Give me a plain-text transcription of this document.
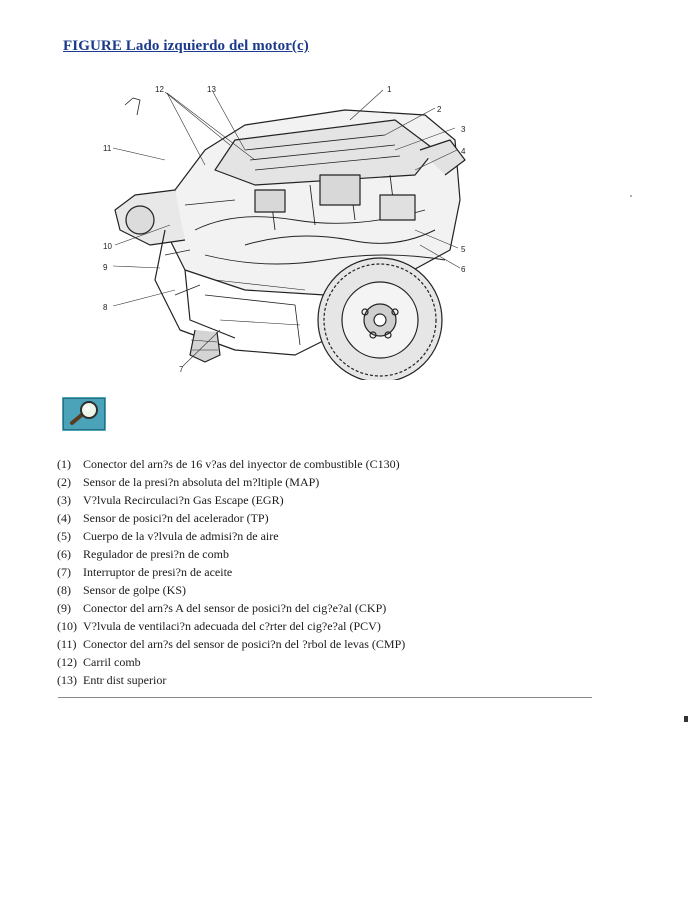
FIGURE Lado izquierdo del motor(c)
12	13	1
2
3
4
11
10
9
8
7
5
6
(1) Conector del arn?s de 16 v?as del inyector de combustible (C130)
(2) Sensor de la presi?n absoluta del m?ltiple (MAP)
(3) V?lvula Recirculaci?n Gas Escape (EGR)
(4) Sensor de posici?n del acelerador (TP)
(5) Cuerpo de la v?lvula de admisi?n de aire
(6) Regulador de presi?n de comb
(7) Interruptor de presi?n de aceite
(8) Sensor de golpe (KS)
(9) Conector del arn?s A del sensor de posici?n del cig?e?al (CKP)
(10) V?lvula de ventilaci?n adecuada del c?rter del cig?e?al (PCV)
(11) Conector del arn?s del sensor de posici?n del ?rbol de levas (CMP)
(12) Carril comb
(13) Entr dist superior
